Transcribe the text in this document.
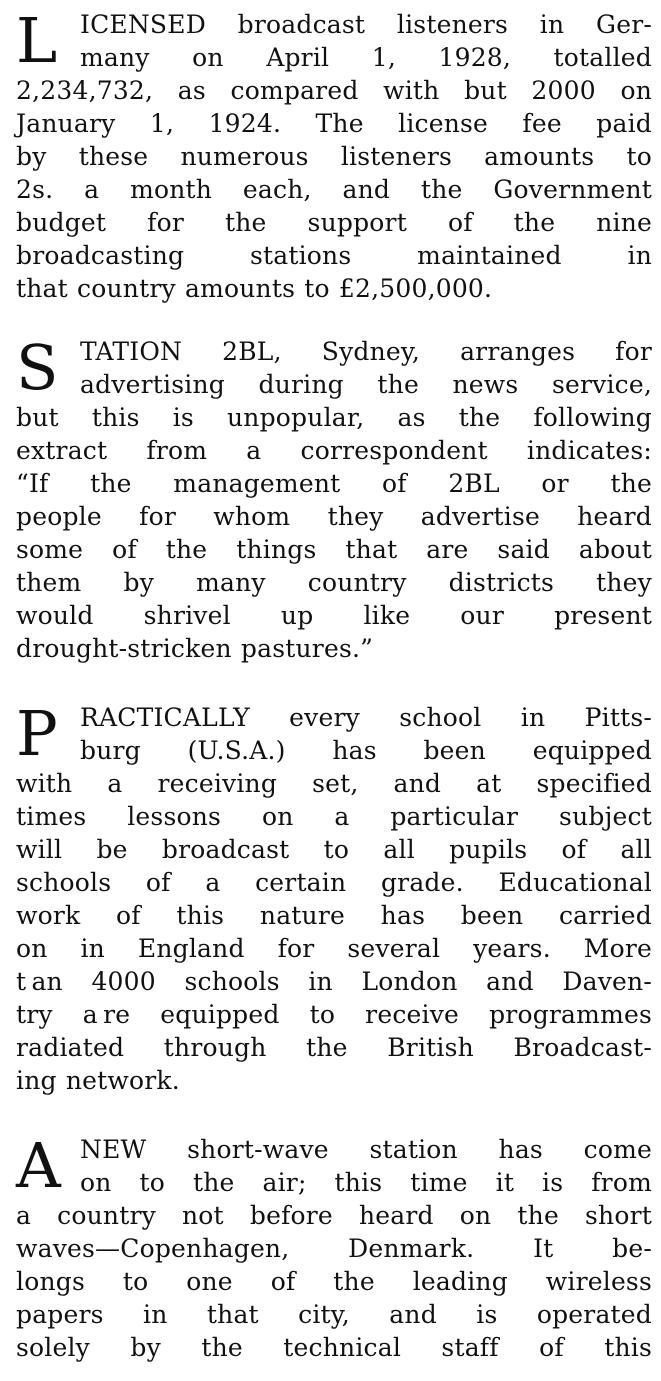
L ICENSED broadcast listeners in Ger-
many on April 1, 1928, totalled
2,234,732, as compared with but 2000 on
January 1, 1924. The license fee paid
by these numerous listeners amounts to
2s. a month each, and the Government
budget for the support of the nine
broadcasting stations maintained in
that country amounts to £2,500,000.
S TATION 2BL, Sydney, arranges for
advertising during the news service,
but this is unpopular, as the following
extract from a correspondent indicates:
“If the management of 2BL or the
people for whom they advertise heard
some of the things that are said about
them by many country districts they
would shrivel up like our present
drought-stricken pastures.”
P RACTICALLY every school in Pitts-
burg (U.S.A.) has been equipped
with a receiving set, and at specified
times lessons on a particular subject
will be broadcast to all pupils of all
schools of a certain grade. Educational
work of this nature has been carried
on in England for several years. More
t an 4000 schools in London and Daven-
try a re equipped to receive programmes
radiated through the British Broadcast-
ing network.
A NEW short-wave station has come
on to the air; this time it is from
a country not before heard on the short
waves—Copenhagen, Denmark. It be-
longs to one of the leading wireless
papers in that city, and is operated
solely by the technical staff of this
